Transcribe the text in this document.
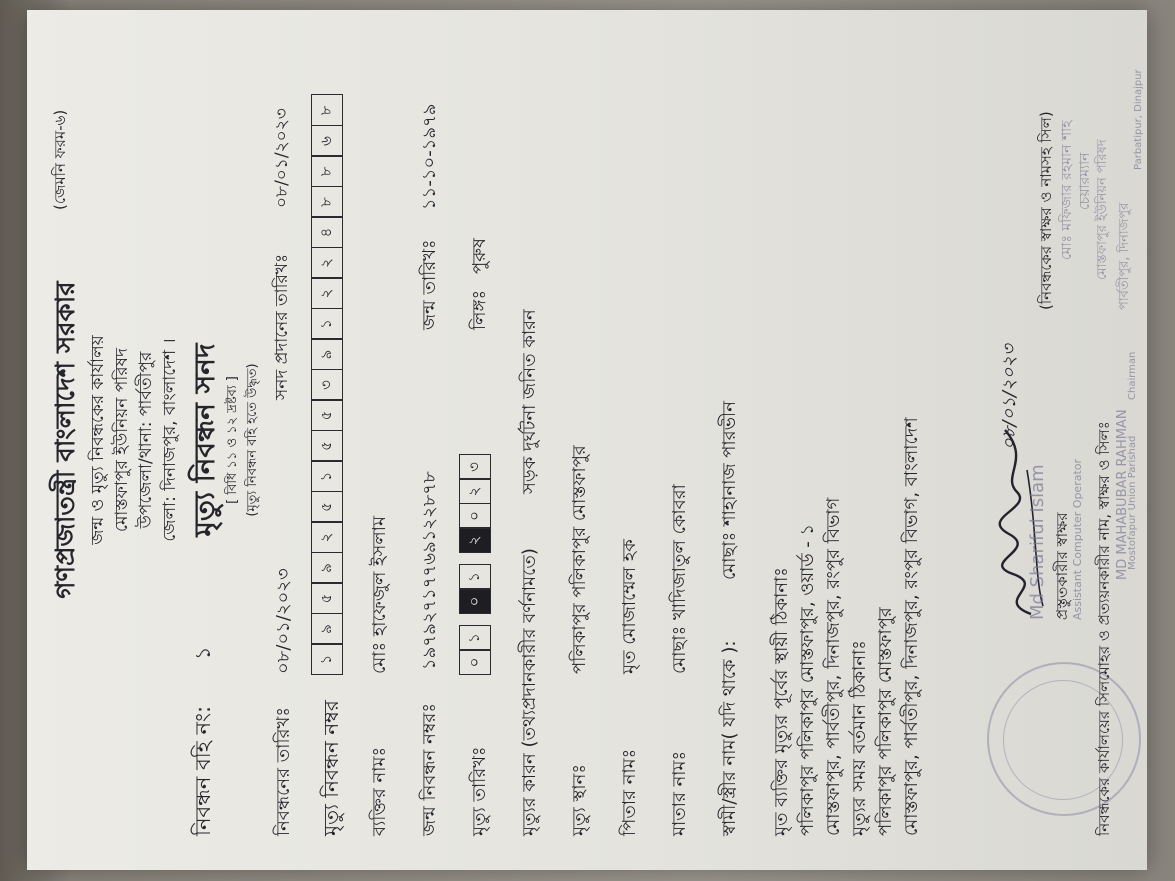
গণপ্রজাতন্ত্রী বাংলাদেশ সরকার
(জেমনি ফরম-৬)
জন্ম ও মৃত্যু নিবন্ধকের কার্যালয় মোস্তফাপুর ইউনিয়ন পরিষদ উপজেলা/থানা: পার্বতীপুর জেলা: দিনাজপুর, বাংলাদেশ । মৃত্যু নিবন্ধন সনদ [ বিধি ১১ ও ১২ দ্রষ্টব্য ] (মৃত্যু নিবন্ধন বহি হতে উদ্ধৃত)
নিবন্ধন বহি নং:
১
সনদ প্রদানের তারিখঃ
০৮/০১/২০২৩
নিবন্ধনের তারিখঃ
০৮/০১/২০২৩
মৃত্যু নিবন্ধন নম্বর
১
৯
৫
৯
২
৫
১
৫
৫
৩
৯
১
২
২
৪
৮
৮
৬
৮
ব্যক্তির নামঃ
মোঃ হাফেজুল ইসলাম
জন্ম নিবন্ধন নম্বরঃ
১৯৭৯২৭১৭৭৬৯১২২৮৭৮
জন্ম তারিখঃ
১১-১০-১৯৭৯
মৃত্যু তারিখঃ
০
১
০
১
২
০
২
৩
লিঙ্গঃ
পুরুষ
মৃত্যুর কারন (তথ্যপ্রদানকারীর বর্ণনামতে)
সড়ক দুর্ঘটনা জনিত কারন
মৃত্যু স্থানঃ
পলিকাপুর পলিকাপুর মোস্তফাপুর
পিতার নামঃ
মৃত মোজাম্মেল হক
মাতার নামঃ
মোছাঃ খাদিজাতুল কোবরা
স্বামী/স্ত্রীর নাম( যদি থাকে ):
মোছাঃ শাহানাজ পারভীন
মৃত ব্যক্তির মৃত্যুর পূর্বের স্থায়ী ঠিকানাঃ পলিকাপুর পলিকাপুর মোস্তফাপুর, ওয়ার্ড - ১ মোস্তফাপুর, পার্বতীপুর, দিনাজপুর, রংপুর বিভাগ মৃত্যুর সময় বর্তমান ঠিকানাঃ পলিকাপুর পলিকাপুর মোস্তফাপুর মোস্তফাপুর, পার্বতীপুর, দিনাজপুর, রংপুর বিভাগ, বাংলাদেশ
০৮/০১/২০২৩
প্রস্তুতকারীর স্বাক্ষর
Md Shariful Islam Assistant Computer Operator
(নিবন্ধকের স্বাক্ষর ও নামসহ সিল)
নিবন্ধকের কার্যালয়ের সিলমোহর ও প্রত্যয়নকারীর নাম, স্বাক্ষর ও সিলঃ
মোঃ মফিজার রহমান শাহ চেয়ারম্যান
MD MAHABUBAR RAHMAN
মোস্তফাপুর ইউনিয়ন পরিষদ পার্বতীপুর, দিনাজপুর
Chairman
Mostofapur Union Parishad
Parbatipur, Dinajpur
